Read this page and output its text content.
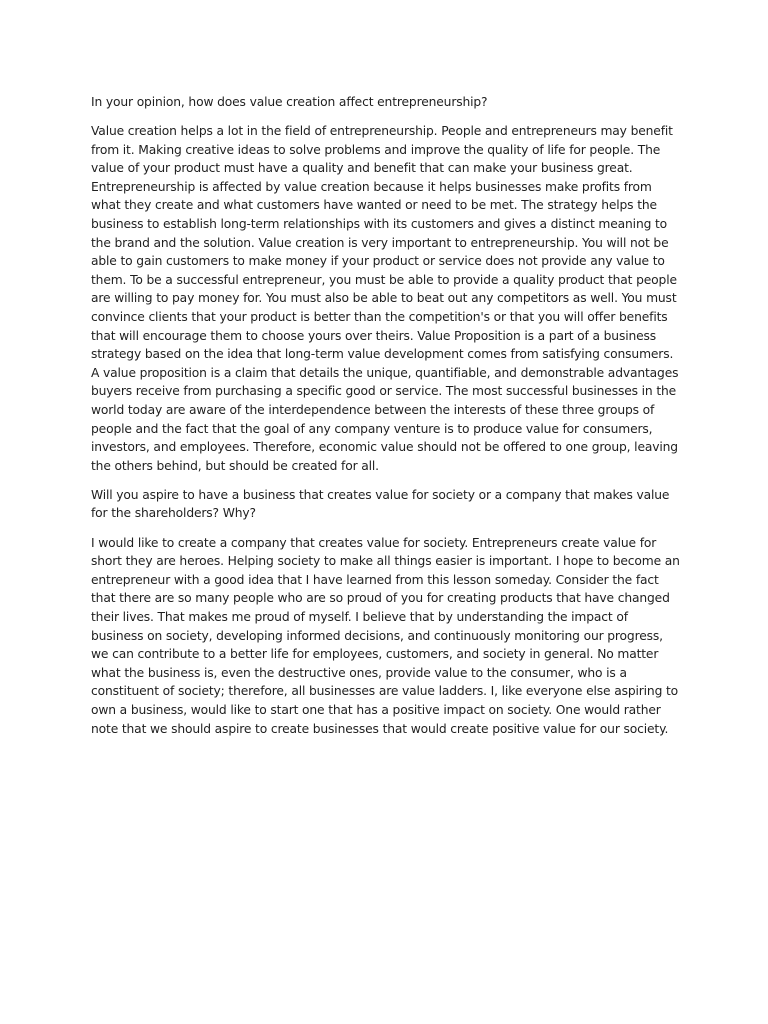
In your opinion, how does value creation affect entrepreneurship?

Value creation helps a lot in the field of entrepreneurship. People and entrepreneurs may benefit from it. Making creative ideas to solve problems and improve the quality of life for people. The value of your product must have a quality and benefit that can make your business great. Entrepreneurship is affected by value creation because it helps businesses make profits from what they create and what customers have wanted or need to be met. The strategy helps the business to establish long-term relationships with its customers and gives a distinct meaning to the brand and the solution. Value creation is very important to entrepreneurship. You will not be able to gain customers to make money if your product or service does not provide any value to them. To be a successful entrepreneur, you must be able to provide a quality product that people are willing to pay money for. You must also be able to beat out any competitors as well. You must convince clients that your product is better than the competition's or that you will offer benefits that will encourage them to choose yours over theirs. Value Proposition is a part of a business strategy based on the idea that long-term value development comes from satisfying consumers. A value proposition is a claim that details the unique, quantifiable, and demonstrable advantages buyers receive from purchasing a specific good or service. The most successful businesses in the world today are aware of the interdependence between the interests of these three groups of people and the fact that the goal of any company venture is to produce value for consumers, investors, and employees. Therefore, economic value should not be offered to one group, leaving the others behind, but should be created for all.

Will you aspire to have a business that creates value for society or a company that makes value for the shareholders? Why?

I would like to create a company that creates value for society. Entrepreneurs create value for short they are heroes. Helping society to make all things easier is important. I hope to become an entrepreneur with a good idea that I have learned from this lesson someday. Consider the fact that there are so many people who are so proud of you for creating products that have changed their lives. That makes me proud of myself. I believe that by understanding the impact of business on society, developing informed decisions, and continuously monitoring our progress, we can contribute to a better life for employees, customers, and society in general. No matter what the business is, even the destructive ones, provide value to the consumer, who is a constituent of society; therefore, all businesses are value ladders. I, like everyone else aspiring to own a business, would like to start one that has a positive impact on society. One would rather note that we should aspire to create businesses that would create positive value for our society.
